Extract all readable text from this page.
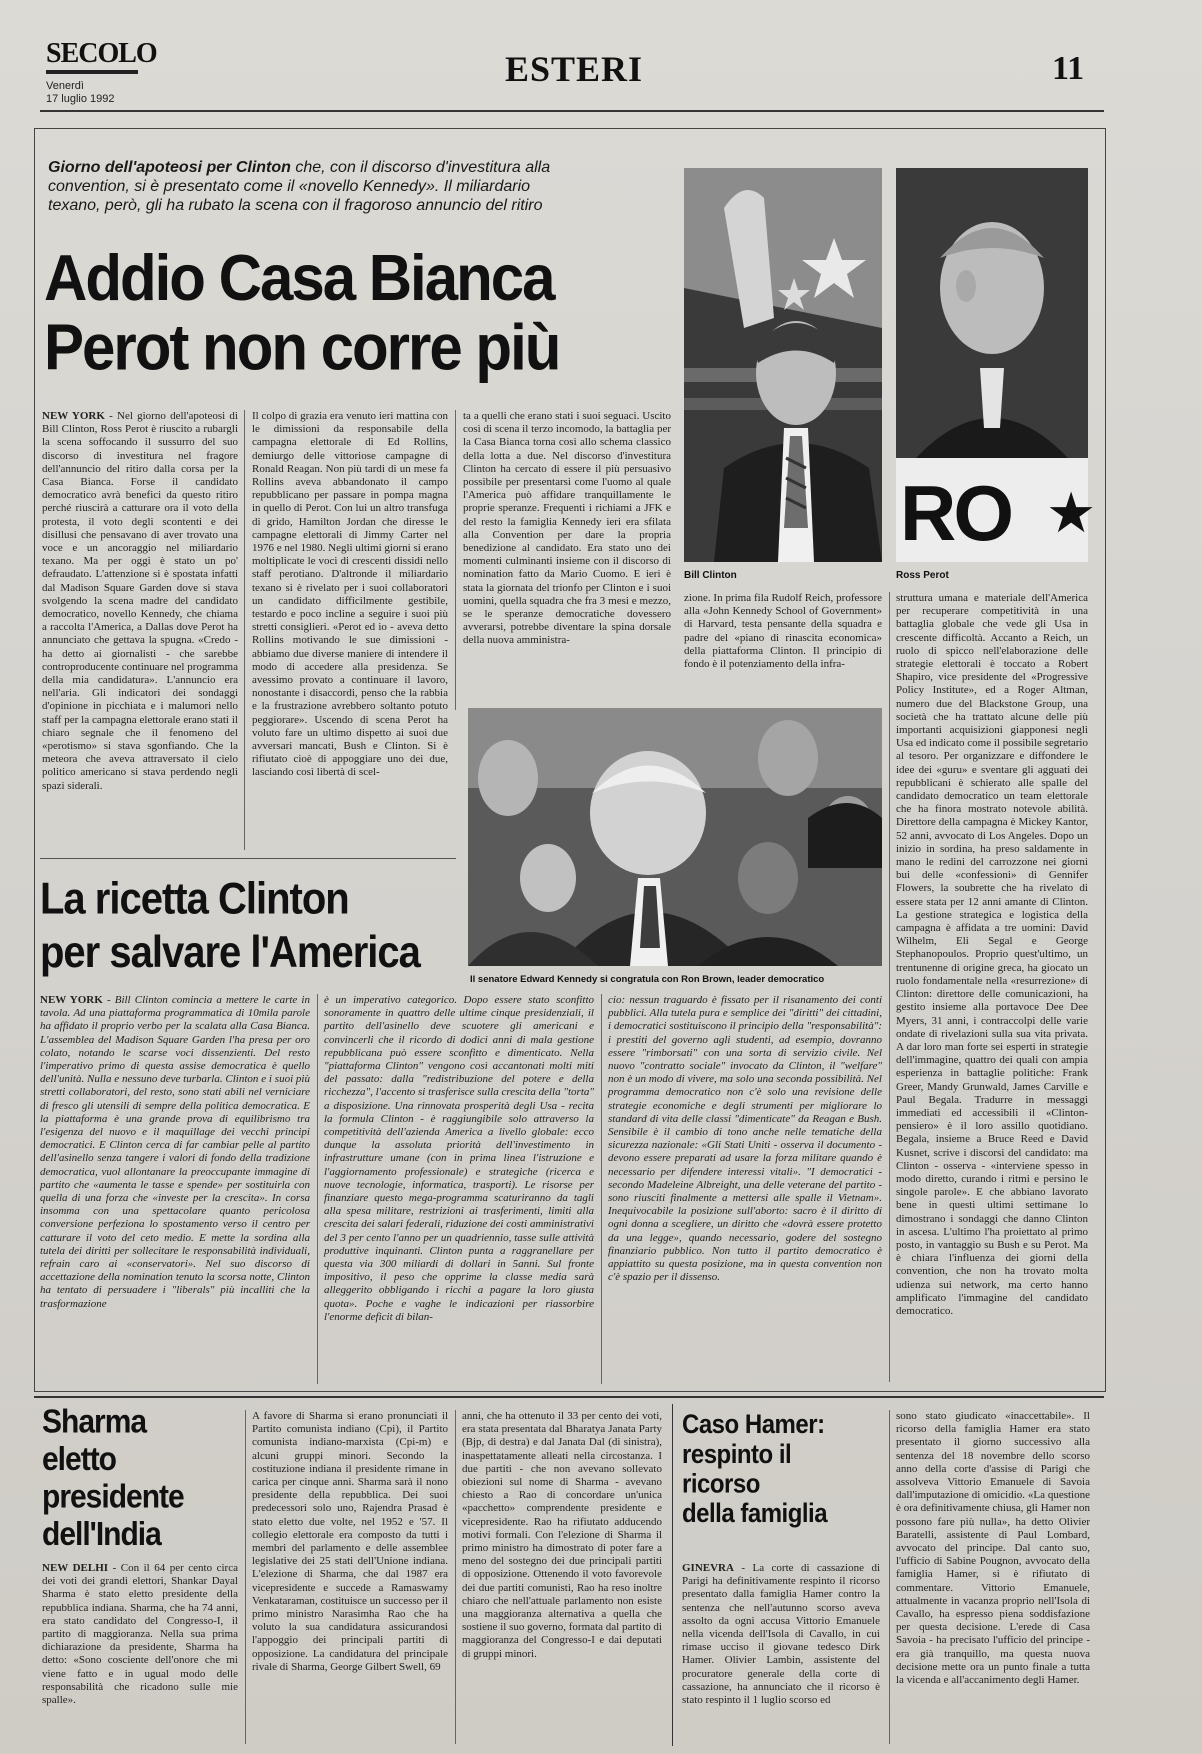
SECOLO
Venerdì
17 luglio 1992
ESTERI	11
Giorno dell'apoteosi per Clinton che, con il discorso d'investitura alla convention, si è presentato come il «novello Kennedy». Il miliardario texano, però, gli ha rubato la scena con il fragoroso annuncio del ritiro
Addio Casa Bianca
Perot non corre più
NEW YORK - Nel giorno dell'apoteosi di Bill Clinton, Ross Perot è riuscito a rubargli la scena soffocando il sussurro del suo discorso di investitura nel fragore dell'annuncio del ritiro dalla corsa per la Casa Bianca. Forse il candidato democratico avrà benefici da questo ritiro perché riuscirà a catturare ora il voto della protesta, il voto degli scontenti e dei disillusi che pensavano di aver trovato una voce e un ancoraggio nel miliardario texano. Ma per oggi è stato un po' defraudato. L'attenzione si è spostata infatti dal Madison Square Garden dove si stava svolgendo la scena madre del candidato democratico, novello Kennedy, che chiama a raccolta l'America, a Dallas dove Perot ha annunciato che gettava la spugna. «Credo - ha detto ai giornalisti - che sarebbe controproducente continuare nel programma della mia candidatura». L'annuncio era nell'aria. Gli indicatori dei sondaggi d'opinione in picchiata e i malumori nello staff per la campagna elettorale erano stati il chiaro segnale che il fenomeno del «perotismo» si stava sgonfiando. Che la meteora che aveva attraversato il cielo politico americano si stava perdendo negli spazi siderali.
Il colpo di grazia era venuto ieri mattina con le dimissioni da responsabile della campagna elettorale di Ed Rollins, demiurgo delle vittoriose campagne di Ronald Reagan. Non più tardi di un mese fa Rollins aveva abbandonato il campo repubblicano per passare in pompa magna in quello di Perot. Con lui un altro transfuga di grido, Hamilton Jordan che diresse le campagne elettorali di Jimmy Carter nel 1976 e nel 1980. Negli ultimi giorni si erano moltiplicate le voci di crescenti dissidi nello staff perotiano. D'altronde il miliardario texano si è rivelato per i suoi collaboratori un candidato difficilmente gestibile, testardo e poco incline a seguire i suoi più stretti consiglieri. «Perot ed io - aveva detto Rollins motivando le sue dimissioni - abbiamo due diverse maniere di intendere il modo di accedere alla presidenza. Se avessimo provato a continuare il lavoro, nonostante i disaccordi, penso che la rabbia e la frustrazione avrebbero soltanto potuto peggiorare». Uscendo di scena Perot ha voluto fare un ultimo dispetto ai suoi due avversari mancati, Bush e Clinton. Si è rifiutato cioè di appoggiare uno dei due, lasciando così libertà di scel-
ta a quelli che erano stati i suoi seguaci. Uscito così di scena il terzo incomodo, la battaglia per la Casa Bianca torna così allo schema classico della lotta a due. Nel discorso d'investitura Clinton ha cercato di essere il più persuasivo possibile per presentarsi come l'uomo al quale l'America può affidare tranquillamente le proprie speranze. Frequenti i richiami a JFK e del resto la famiglia Kennedy ieri era sfilata alla Convention per dare la propria benedizione al candidato. Era stato uno dei momenti culminanti insieme con il discorso di nomination fatto da Mario Cuomo. E ieri è stata la giornata del trionfo per Clinton e i suoi uomini, quella squadra che fra 3 mesi e mezzo, se le speranze democratiche dovessero avverarsi, potrebbe diventare la spina dorsale della nuova amministra-
Bill Clinton
RO ★
Ross Perot
zione. In prima fila Rudolf Reich, professore alla «John Kennedy School of Government» di Harvard, testa pensante della squadra e padre del «piano di rinascita economica» della piattaforma Clinton. Il principio di fondo è il potenziamento della infra-
struttura umana e materiale dell'America per recuperare competitività in una battaglia globale che vede gli Usa in crescente difficoltà. Accanto a Reich, un ruolo di spicco nell'elaborazione delle strategie elettorali è toccato a Robert Shapiro, vice presidente del «Progressive Policy Institute», ed a Roger Altman, numero due del Blackstone Group, una società che ha trattato alcune delle più importanti acquisizioni giapponesi negli Usa ed indicato come il possibile segretario al tesoro. Per organizzare e diffondere le idee dei «guru» e sventare gli agguati dei repubblicani è schierato alle spalle del candidato democratico un team elettorale che ha finora mostrato notevole abilità. Direttore della campagna è Mickey Kantor, 52 anni, avvocato di Los Angeles. Dopo un inizio in sordina, ha preso saldamente in mano le redini del carrozzone nei giorni bui delle «confessioni» di Gennifer Flowers, la soubrette che ha rivelato di essere stata per 12 anni amante di Clinton. La gestione strategica e logistica della campagna è affidata a tre uomini: David Wilhelm, Eli Segal e George Stephanopoulos. Proprio quest'ultimo, un trentunenne di origine greca, ha giocato un ruolo fondamentale nella «resurrezione» di Clinton: direttore delle comunicazioni, ha gestito insieme alla portavoce Dee Dee Myers, 31 anni, i contraccolpi delle varie ondate di rivelazioni sulla sua vita privata. A dar loro man forte sei esperti in strategie dell'immagine, quattro dei quali con ampia esperienza in battaglie politiche: Frank Greer, Mandy Grunwald, James Carville e Paul Begala. Tradurre in messaggi immediati ed accessibili il «Clinton-pensiero» è il loro assillo quotidiano. Begala, insieme a Bruce Reed e David Kusnet, scrive i discorsi del candidato: ma Clinton - osserva - «interviene spesso in modo diretto, curando i ritmi e persino le singole parole». E che abbiano lavorato bene in questi ultimi settimane lo dimostrano i sondaggi che danno Clinton in ascesa. L'ultimo l'ha proiettato al primo posto, in vantaggio su Bush e su Perot. Ma è chiara l'influenza dei giorni della convention, che non ha trovato molta udienza sui network, ma certo hanno amplificato l'immagine del candidato democratico.
Il senatore Edward Kennedy si congratula con Ron Brown, leader democratico
La ricetta Clinton
per salvare l'America
NEW YORK - Bill Clinton comincia a mettere le carte in tavola. Ad una piattaforma programmatica di 10mila parole ha affidato il proprio verbo per la scalata alla Casa Bianca. L'assemblea del Madison Square Garden l'ha presa per oro colato, notando le scarse voci dissenzienti. Del resto l'imperativo primo di questa assise democratica è quello dell'unità. Nulla e nessuno deve turbarla. Clinton e i suoi più stretti collaboratori, del resto, sono stati abili nel verniciare di fresco gli utensili di sempre della politica democratica. E la piattaforma è una grande prova di equilibrismo tra l'esigenza del nuovo e il maquillage dei vecchi principi democratici. E Clinton cerca di far cambiar pelle al partito dell'asinello senza tangere i valori di fondo della tradizione democratica, vuol allontanare la preoccupante immagine di partito che «aumenta le tasse e spende» per sostituirla con quella di una forza che «investe per la crescita». In corsa insomma con una spettacolare quanto pericolosa conversione perfeziona lo spostamento verso il centro per catturare il voto del ceto medio. E mette la sordina alla tutela dei diritti per sollecitare le responsabilità individuali, refrain caro ai «conservatori». Nel suo discorso di accettazione della nomination tenuto la scorsa notte, Clinton ha tentato di persuadere i "liberals" più incalliti che la trasformazione
è un imperativo categorico. Dopo essere stato sconfitto sonoramente in quattro delle ultime cinque presidenziali, il partito dell'asinello deve scuotere gli americani e convincerli che il ricordo di dodici anni di mala gestione repubblicana può essere sconfitto e dimenticato. Nella "piattaforma Clinton" vengono così accantonati molti miti del passato: dalla "redistribuzione del potere e della ricchezza", l'accento si trasferisce sulla crescita della "torta" a disposizione. Una rinnovata prosperità degli Usa - recita la formula Clinton - è raggiungibile solo attraverso la competitività dell'azienda America a livello globale: ecco dunque la assoluta priorità dell'investimento in infrastrutture umane (con in prima linea l'istruzione e l'aggiornamento professionale) e strategiche (ricerca e nuove tecnologie, informatica, trasporti). Le risorse per finanziare questo mega-programma scaturiranno da tagli alla spesa militare, restrizioni ai trasferimenti, limiti alla crescita dei salari federali, riduzione dei costi amministrativi del 3 per cento l'anno per un quadriennio, tasse sulle attività produttive inquinanti. Clinton punta a raggranellare per questa via 300 miliardi di dollari in 5anni. Sul fronte impositivo, il peso che opprime la classe media sarà alleggerito obbligando i ricchi a pagare la loro giusta quota». Poche e vaghe le indicazioni per riassorbire l'enorme deficit di bilan-
cio: nessun traguardo è fissato per il risanamento dei conti pubblici. Alla tutela pura e semplice dei "diritti" dei cittadini, i democratici sostituiscono il principio della "responsabilità": i prestiti del governo agli studenti, ad esempio, dovranno essere "rimborsati" con una sorta di servizio civile. Nel nuovo "contratto sociale" invocato da Clinton, il "welfare" non è un modo di vivere, ma solo una seconda possibilità. Nel programma democratico non c'è solo una revisione delle strategie economiche e degli strumenti per migliorare lo standard di vita delle classi "dimenticate" da Reagan e Bush. Sensibile è il cambio di tono anche nelle tematiche della sicurezza nazionale: «Gli Stati Uniti - osserva il documento - devono essere preparati ad usare la forza militare quando è necessario per difendere interessi vitali». "I democratici - secondo Madeleine Albreight, una delle veterane del partito - sono riusciti finalmente a mettersi alle spalle il Vietnam». Inequivocabile la posizione sull'aborto: sacro è il diritto di ogni donna a scegliere, un diritto che «dovrà essere protetto da una legge», quando necessario, godere del sostegno finanziario pubblico. Non tutto il partito democratico è appiattito su questa posizione, ma in questa convention non c'è spazio per il dissenso.
Sharma
eletto
presidente
dell'India
NEW DELHI - Con il 64 per cento circa dei voti dei grandi elettori, Shankar Dayal Sharma è stato eletto presidente della repubblica indiana. Sharma, che ha 74 anni, era stato candidato del Congresso-I, il partito di maggioranza. Nella sua prima dichiarazione da presidente, Sharma ha detto: «Sono cosciente dell'onore che mi viene fatto e in ugual modo delle responsabilità che ricadono sulle mie spalle».
A favore di Sharma si erano pronunciati il Partito comunista indiano (Cpi), il Partito comunista indiano-marxista (Cpi-m) e alcuni gruppi minori. Secondo la costituzione indiana il presidente rimane in carica per cinque anni. Sharma sarà il nono presidente della repubblica. Dei suoi predecessori solo uno, Rajendra Prasad è stato eletto due volte, nel 1952 e '57. Il collegio elettorale era composto da tutti i membri del parlamento e delle assemblee legislative dei 25 stati dell'Unione indiana. L'elezione di Sharma, che dal 1987 era vicepresidente e succede a Ramaswamy Venkataraman, costituisce un successo per il primo ministro Narasimha Rao che ha voluto la sua candidatura assicurandosi l'appoggio dei principali partiti di opposizione. La candidatura del principale rivale di Sharma, George Gilbert Swell, 69
anni, che ha ottenuto il 33 per cento dei voti, era stata presentata dal Bharatya Janata Party (Bjp, di destra) e dal Janata Dal (di sinistra), inaspettatamente alleati nella circostanza. I due partiti - che non avevano sollevato obiezioni sul nome di Sharma - avevano chiesto a Rao di concordare un'unica «pacchetto» comprendente presidente e vicepresidente. Rao ha rifiutato adducendo motivi formali. Con l'elezione di Sharma il primo ministro ha dimostrato di poter fare a meno del sostegno dei due principali partiti di opposizione. Ottenendo il voto favorevole dei due partiti comunisti, Rao ha reso inoltre chiaro che nell'attuale parlamento non esiste una maggioranza alternativa a quella che sostiene il suo governo, formata dal partito di maggioranza del Congresso-I e dai deputati di gruppi minori.
Caso Hamer:
respinto il
ricorso
della famiglia
GINEVRA - La corte di cassazione di Parigi ha definitivamente respinto il ricorso presentato dalla famiglia Hamer contro la sentenza che nell'autunno scorso aveva assolto da ogni accusa Vittorio Emanuele nella vicenda dell'Isola di Cavallo, in cui rimase ucciso il giovane tedesco Dirk Hamer. Olivier Lambin, assistente del procuratore generale della corte di cassazione, ha annunciato che il ricorso è stato respinto il 1 luglio scorso ed
sono stato giudicato «inaccettabile». Il ricorso della famiglia Hamer era stato presentato il giorno successivo alla sentenza del 18 novembre dello scorso anno della corte d'assise di Parigi che assolveva Vittorio Emanuele di Savoia dall'imputazione di omicidio. «La questione è ora definitivamente chiusa, gli Hamer non possono fare più nulla», ha detto Olivier Baratelli, assistente di Paul Lombard, avvocato del principe. Dal canto suo, l'ufficio di Sabine Pougnon, avvocato della famiglia Hamer, si è rifiutato di commentare. Vittorio Emanuele, attualmente in vacanza proprio nell'Isola di Cavallo, ha espresso piena soddisfazione per questa decisione. L'erede di Casa Savoia - ha precisato l'ufficio del principe - era già tranquillo, ma questa nuova decisione mette ora un punto finale a tutta la vicenda e all'accanimento degli Hamer.
